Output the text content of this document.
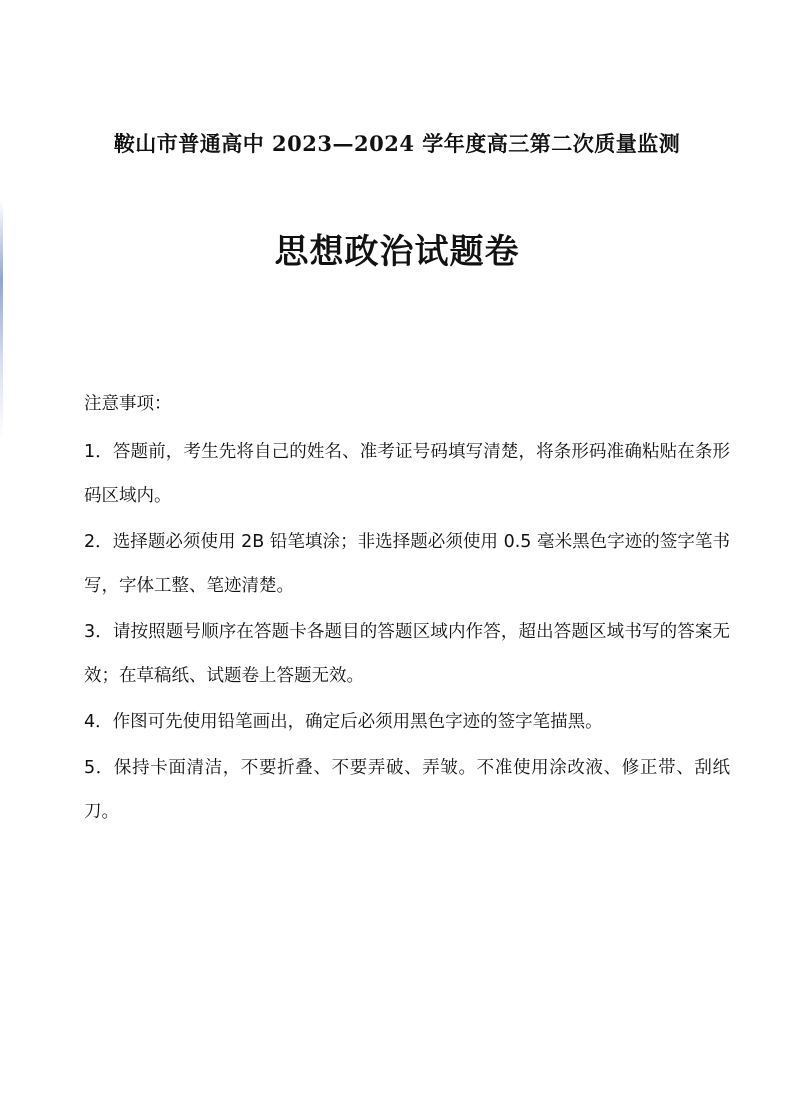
鞍山市普通高中 2023—2024 学年度高三第二次质量监测
思想政治试题卷
注意事项：
1．答题前，考生先将自己的姓名、准考证号码填写清楚，将条形码准确粘贴在条形码区域内。
2．选择题必须使用 2B 铅笔填涂；非选择题必须使用 0.5 毫米黑色字迹的签字笔书写，字体工整、笔迹清楚。
3．请按照题号顺序在答题卡各题目的答题区域内作答，超出答题区域书写的答案无效；在草稿纸、试题卷上答题无效。
4．作图可先使用铅笔画出，确定后必须用黑色字迹的签字笔描黑。
5．保持卡面清洁，不要折叠、不要弄破、弄皱。不准使用涂改液、修正带、刮纸刀。
